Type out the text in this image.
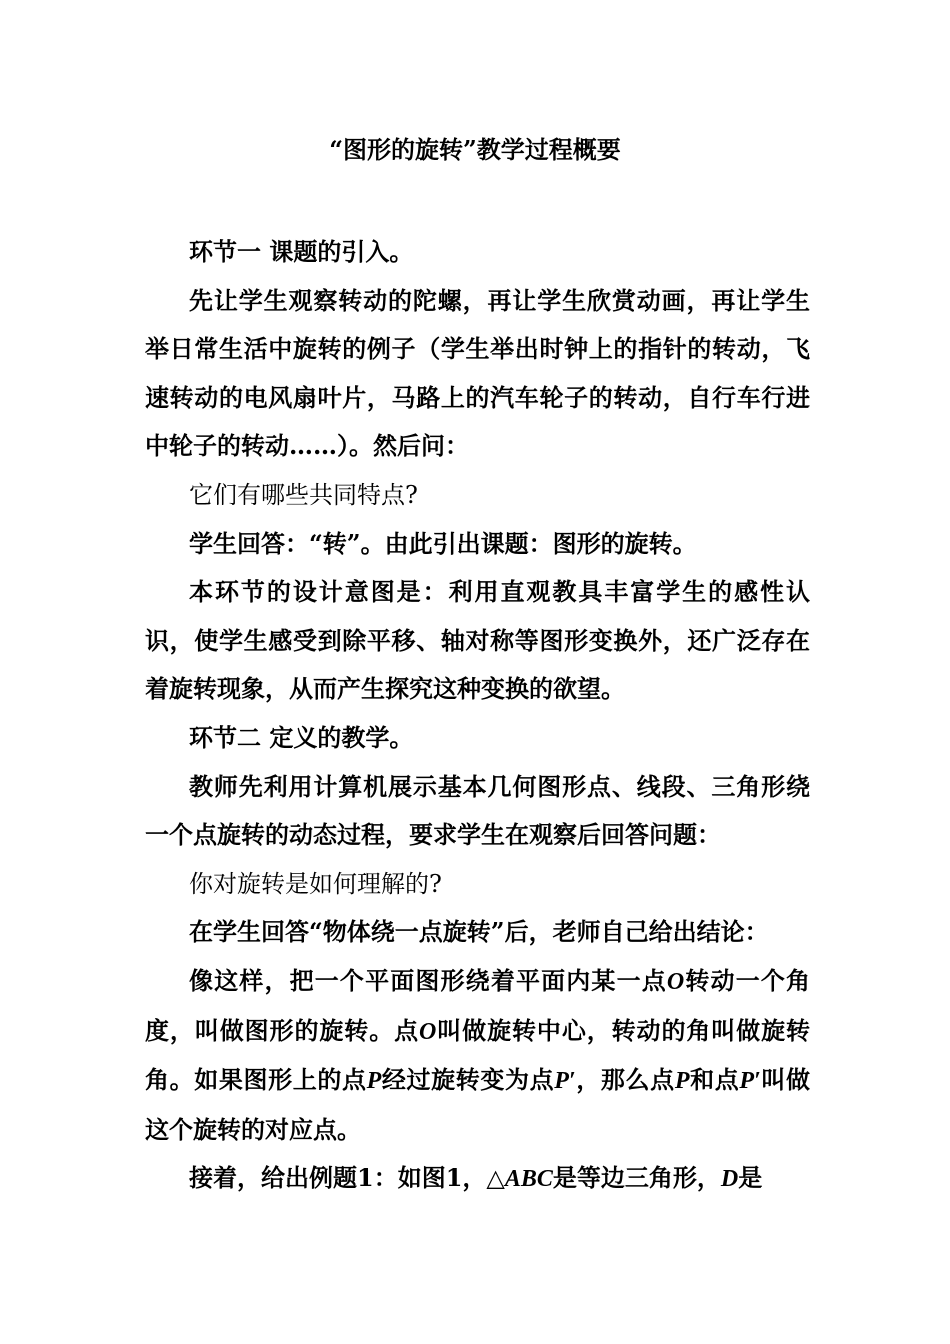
“图形的旋转”教学过程概要

环节一 课题的引入。

先让学生观察转动的陀螺，再让学生欣赏动画，再让学生举日常生活中旋转的例子（学生举出时钟上的指针的转动，飞速转动的电风扇叶片，马路上的汽车轮子的转动，自行车行进中轮子的转动……）。然后问：

它们有哪些共同特点?

学生回答：“转”。由此引出课题：图形的旋转。

本环节的设计意图是：利用直观教具丰富学生的感性认识，使学生感受到除平移、轴对称等图形变换外，还广泛存在着旋转现象，从而产生探究这种变换的欲望。

环节二 定义的教学。

教师先利用计算机展示基本几何图形点、线段、三角形绕一个点旋转的动态过程，要求学生在观察后回答问题：

你对旋转是如何理解的?

在学生回答“物体绕一点旋转”后，老师自己给出结论：

像这样，把一个平面图形绕着平面内某一点O转动一个角度，叫做图形的旋转。点O叫做旋转中心，转动的角叫做旋转角。如果图形上的点P经过旋转变为点P′，那么点P和点P′叫做这个旋转的对应点。

接着，给出例题1：如图1，△ABC是等边三角形，D是
